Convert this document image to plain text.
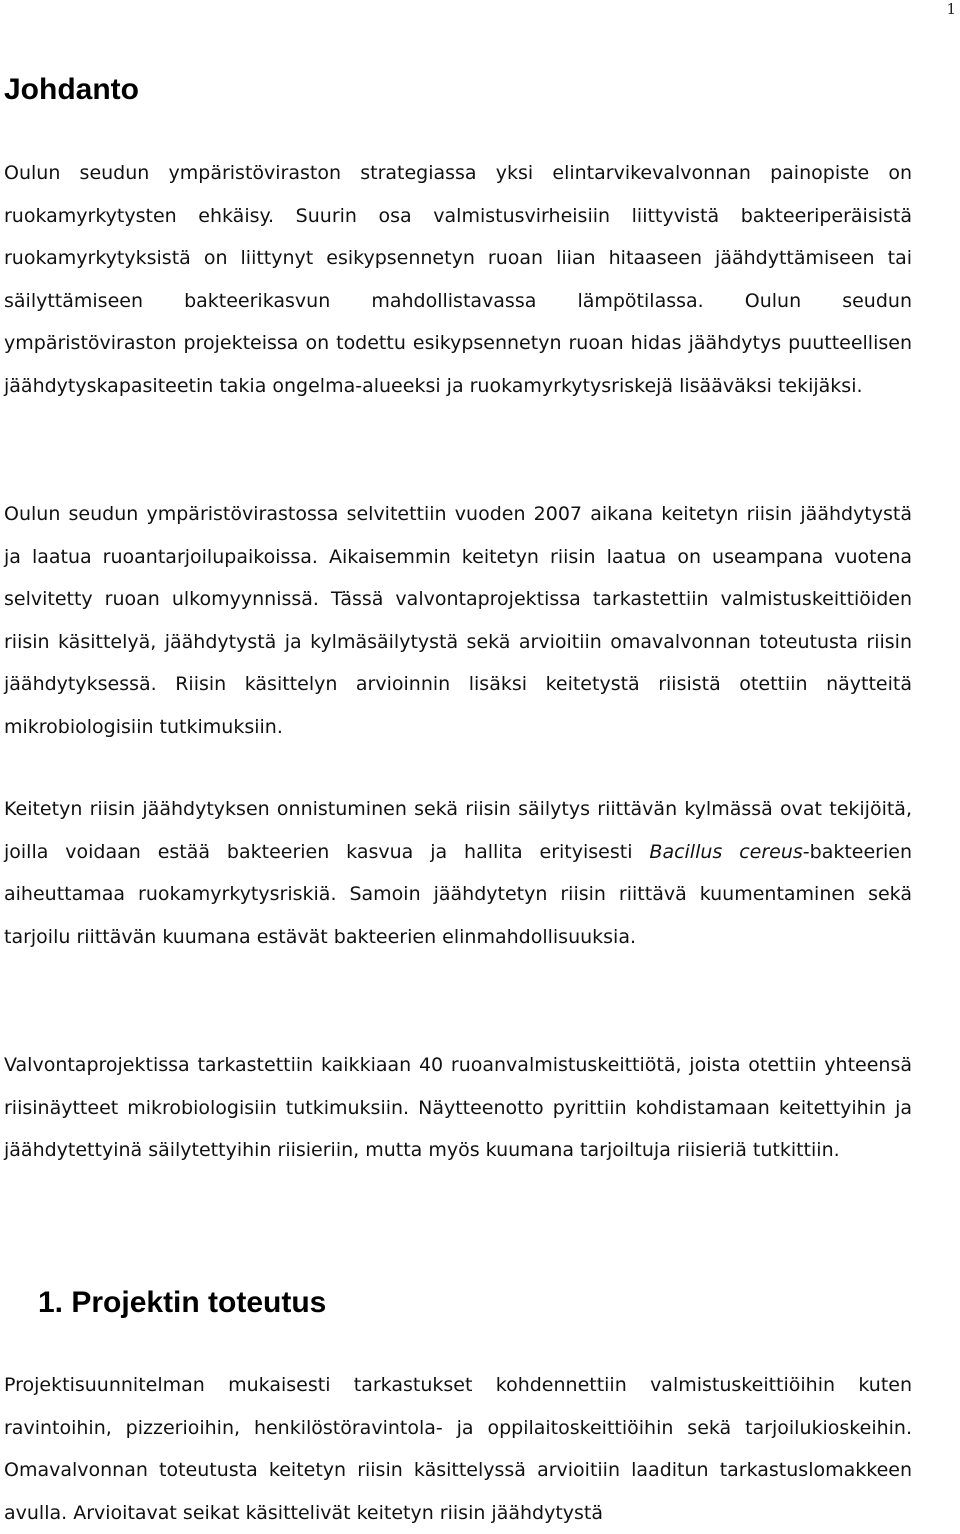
1
Johdanto

Oulun seudun ympäristöviraston strategiassa yksi elintarvikevalvonnan painopiste on ruokamyrkytysten ehkäisy. Suurin osa valmistusvirheisiin liittyvistä bakteeriperäisistä ruokamyrkytyksistä on liittynyt esikypsennetyn ruoan liian hitaaseen jäähdyttämiseen tai säilyttämiseen bakteerikasvun mahdollistavassa lämpötilassa. Oulun seudun ympäristöviraston projekteissa on todettu esikypsennetyn ruoan hidas jäähdytys puutteellisen jäähdytyskapasiteetin takia ongelma-alueeksi ja ruokamyrkytysriskejä lisääväksi tekijäksi.

Oulun seudun ympäristövirastossa selvitettiin vuoden 2007 aikana keitetyn riisin jäähdytystä ja laatua ruoantarjoilupaikoissa. Aikaisemmin keitetyn riisin laatua on useampana vuotena selvitetty ruoan ulkomyynnissä. Tässä valvontaprojektissa tarkastettiin valmistuskeittiöiden riisin käsittelyä, jäähdytystä ja kylmäsäilytystä sekä arvioitiin omavalvonnan toteutusta riisin jäähdytyksessä. Riisin käsittelyn arvioinnin lisäksi keitetystä riisistä otettiin näytteitä mikrobiologisiin tutkimuksiin.

Keitetyn riisin jäähdytyksen onnistuminen sekä riisin säilytys riittävän kylmässä ovat tekijöitä, joilla voidaan estää bakteerien kasvua ja hallita erityisesti Bacillus cereus-bakteerien aiheuttamaa ruokamyrkytysriskiä. Samoin jäähdytetyn riisin riittävä kuumentaminen sekä tarjoilu riittävän kuumana estävät bakteerien elinmahdollisuuksia.

Valvontaprojektissa tarkastettiin kaikkiaan 40 ruoanvalmistuskeittiötä, joista otettiin yhteensä riisinäytteet mikrobiologisiin tutkimuksiin. Näytteenotto pyrittiin kohdistamaan keitettyihin ja jäähdytettyinä säilytettyihin riisieriin, mutta myös kuumana tarjoiltuja riisieriä tutkittiin.

1. Projektin toteutus

Projektisuunnitelman mukaisesti tarkastukset kohdennettiin valmistuskeittiöihin kuten ravintoihin, pizzerioihin, henkilöstöravintola- ja oppilaitoskeittiöihin sekä tarjoilukioskeihin. Omavalvonnan toteutusta keitetyn riisin käsittelyssä arvioitiin laaditun tarkastuslomakkeen avulla. Arvioitavat seikat käsittelivät keitetyn riisin jäähdytystä
